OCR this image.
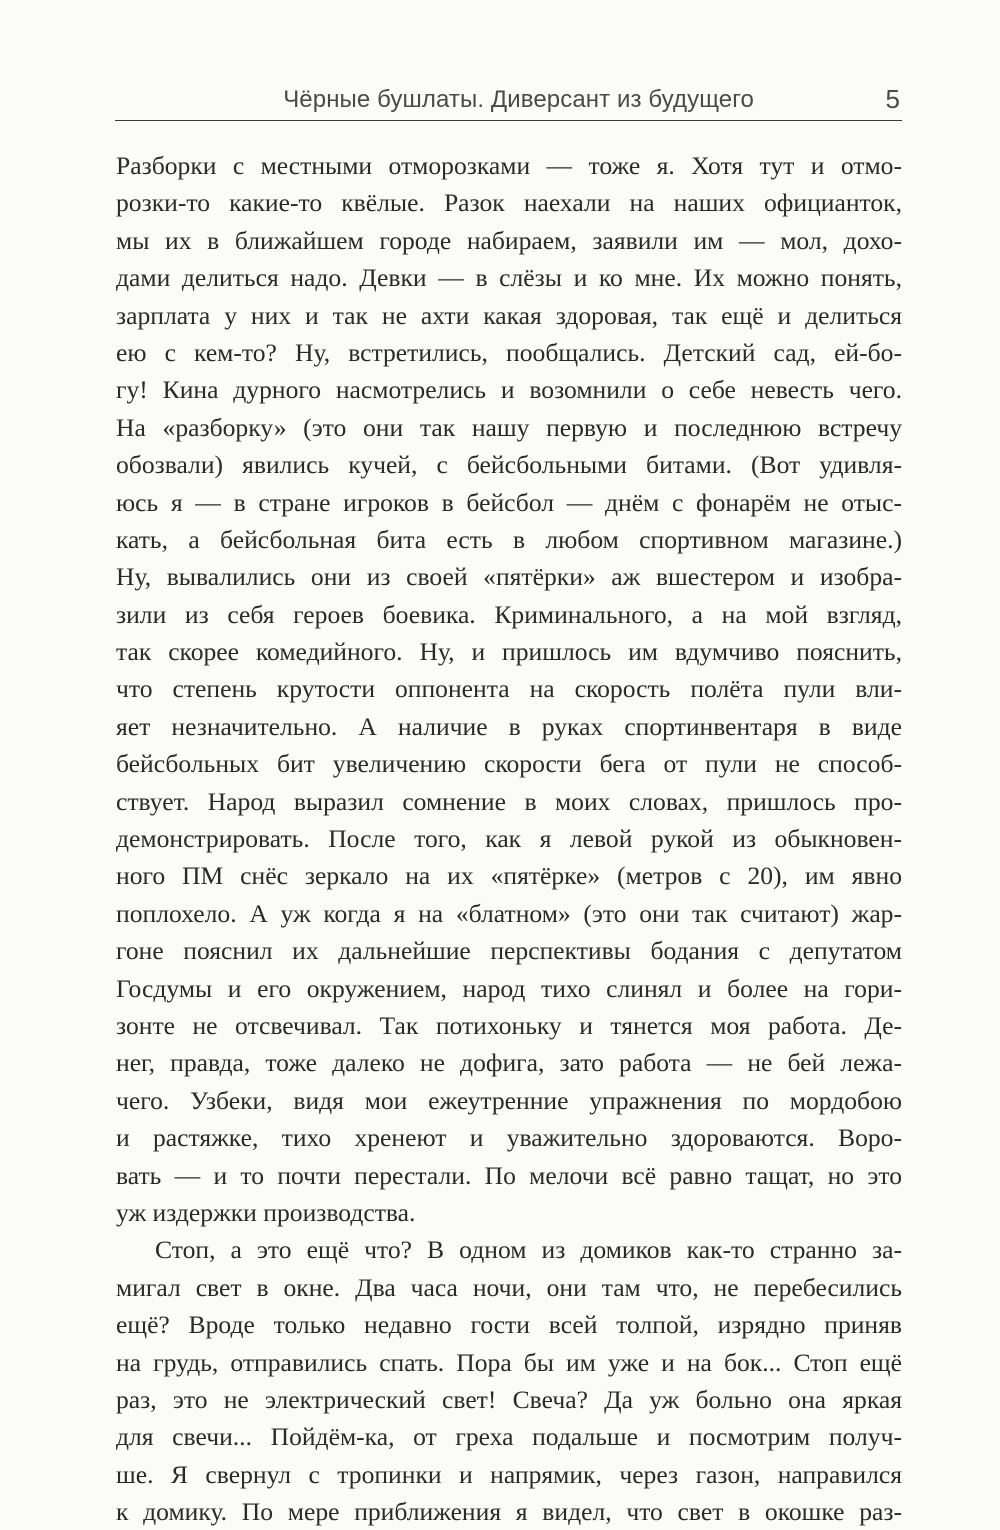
Чёрные бушлаты. Диверсант из будущего	5
Разборки с местными отморозками — тоже я. Хотя тут и отмо-
розки-то какие-то квёлые. Разок наехали на наших официанток,
мы их в ближайшем городе набираем, заявили им — мол, дохо-
дами делиться надо. Девки — в слёзы и ко мне. Их можно понять,
зарплата у них и так не ахти какая здоровая, так ещё и делиться
ею с кем-то? Ну, встретились, пообщались. Детский сад, ей-бо-
гу! Кина дурного насмотрелись и возомнили о себе невесть чего.
На «разборку» (это они так нашу первую и последнюю встречу
обозвали) явились кучей, с бейсбольными битами. (Вот удивля-
юсь я — в стране игроков в бейсбол — днём с фонарём не отыс-
кать, а бейсбольная бита есть в любом спортивном магазине.)
Ну, вывалились они из своей «пятёрки» аж вшестером и изобра-
зили из себя героев боевика. Криминального, а на мой взгляд,
так скорее комедийного. Ну, и пришлось им вдумчиво пояснить,
что степень крутости оппонента на скорость полёта пули вли-
яет незначительно. А наличие в руках спортинвентаря в виде
бейсбольных бит увеличению скорости бега от пули не способ-
ствует. Народ выразил сомнение в моих словах, пришлось про-
демонстрировать. После того, как я левой рукой из обыкновен-
ного ПМ снёс зеркало на их «пятёрке» (метров с 20), им явно
поплохело. А уж когда я на «блатном» (это они так считают) жар-
гоне пояснил их дальнейшие перспективы бодания с депутатом
Госдумы и его окружением, народ тихо слинял и более на гори-
зонте не отсвечивал. Так потихоньку и тянется моя работа. Де-
нег, правда, тоже далеко не дофига, зато работа — не бей лежа-
чего. Узбеки, видя мои ежеутренние упражнения по мордобою
и растяжке, тихо хренеют и уважительно здороваются. Воро-
вать — и то почти перестали. По мелочи всё равно тащат, но это
уж издержки производства.
Стоп, а это ещё что? В одном из домиков как-то странно за-
мигал свет в окне. Два часа ночи, они там что, не перебесились
ещё? Вроде только недавно гости всей толпой, изрядно приняв
на грудь, отправились спать. Пора бы им уже и на бок... Стоп ещё
раз, это не электрический свет! Свеча? Да уж больно она яркая
для свечи... Пойдём-ка, от греха подальше и посмотрим получ-
ше. Я свернул с тропинки и напрямик, через газон, направился
к домику. По мере приближения я видел, что свет в окошке раз-
